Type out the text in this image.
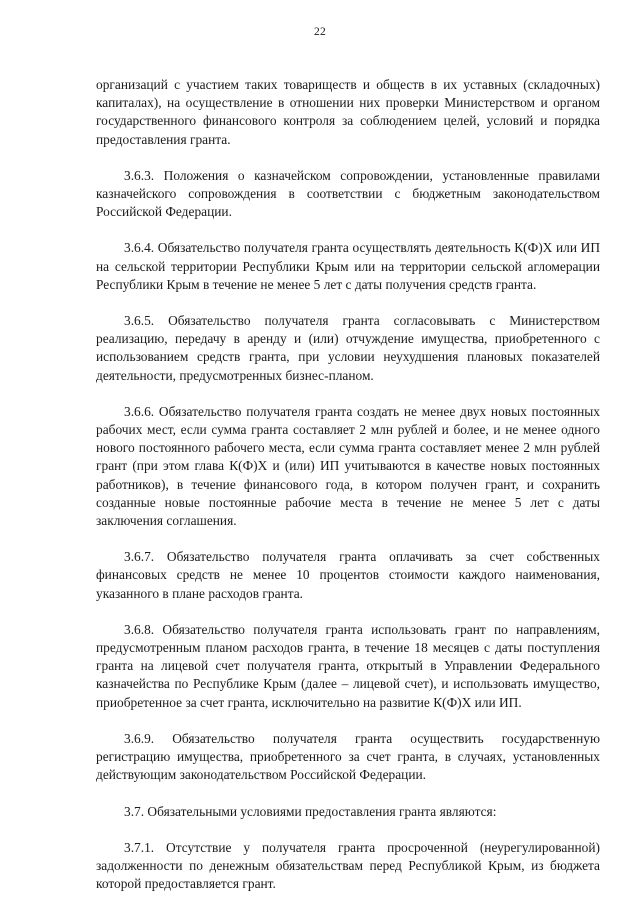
22

организаций с участием таких товариществ и обществ в их уставных (складочных) капиталах), на осуществление в отношении них проверки Министерством и органом государственного финансового контроля за соблюдением целей, условий и порядка предоставления гранта.

3.6.3. Положения о казначейском сопровождении, установленные правилами казначейского сопровождения в соответствии с бюджетным законодательством Российской Федерации.

3.6.4. Обязательство получателя гранта осуществлять деятельность К(Ф)Х или ИП на сельской территории Республики Крым или на территории сельской агломерации Республики Крым в течение не менее 5 лет с даты получения средств гранта.

3.6.5. Обязательство получателя гранта согласовывать с Министерством реализацию, передачу в аренду и (или) отчуждение имущества, приобретенного с использованием средств гранта, при условии неухудшения плановых показателей деятельности, предусмотренных бизнес-планом.

3.6.6. Обязательство получателя гранта создать не менее двух новых постоянных рабочих мест, если сумма гранта составляет 2 млн рублей и более, и не менее одного нового постоянного рабочего места, если сумма гранта составляет менее 2 млн рублей грант (при этом глава К(Ф)Х и (или) ИП учитываются в качестве новых постоянных работников), в течение финансового года, в котором получен грант, и сохранить созданные новые постоянные рабочие места в течение не менее 5 лет с даты заключения соглашения.

3.6.7. Обязательство получателя гранта оплачивать за счет собственных финансовых средств не менее 10 процентов стоимости каждого наименования, указанного в плане расходов гранта.

3.6.8. Обязательство получателя гранта использовать грант по направлениям, предусмотренным планом расходов гранта, в течение 18 месяцев с даты поступления гранта на лицевой счет получателя гранта, открытый в Управлении Федерального казначейства по Республике Крым (далее – лицевой счет), и использовать имущество, приобретенное за счет гранта, исключительно на развитие К(Ф)Х или ИП.

3.6.9. Обязательство получателя гранта осуществить государственную регистрацию имущества, приобретенного за счет гранта, в случаях, установленных действующим законодательством Российской Федерации.

3.7. Обязательными условиями предоставления гранта являются:

3.7.1. Отсутствие у получателя гранта просроченной (неурегулированной) задолженности по денежным обязательствам перед Республикой Крым, из бюджета которой предоставляется грант.
